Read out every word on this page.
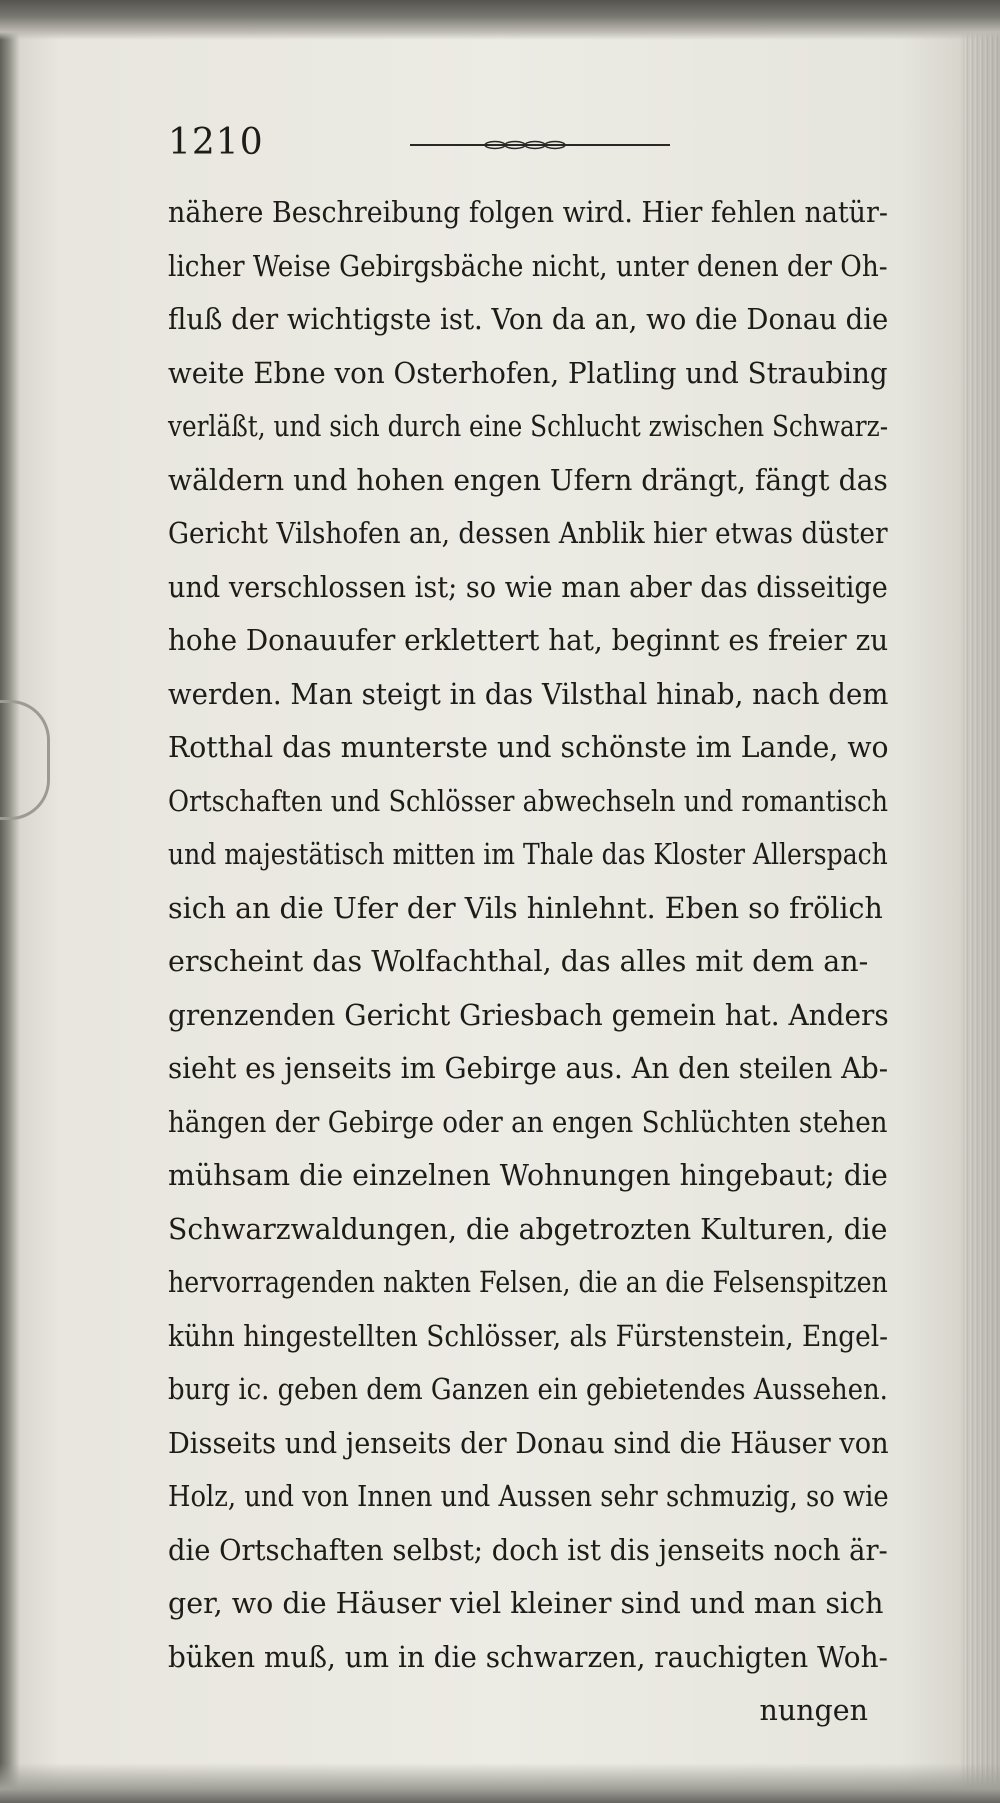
1210
nähere Beschreibung folgen wird. Hier fehlen natür-
licher Weise Gebirgsbäche nicht, unter denen der Oh-
fluß der wichtigste ist. Von da an, wo die Donau die
weite Ebne von Osterhofen, Platling und Straubing
verläßt, und sich durch eine Schlucht zwischen Schwarz-
wäldern und hohen engen Ufern drängt, fängt das
Gericht Vilshofen an, dessen Anblik hier etwas düster
und verschlossen ist; so wie man aber das disseitige
hohe Donauufer erklettert hat, beginnt es freier zu
werden. Man steigt in das Vilsthal hinab, nach dem
Rotthal das munterste und schönste im Lande, wo
Ortschaften und Schlösser abwechseln und romantisch
und majestätisch mitten im Thale das Kloster Allerspach
sich an die Ufer der Vils hinlehnt. Eben so frölich
erscheint das Wolfachthal, das alles mit dem an-
grenzenden Gericht Griesbach gemein hat. Anders
sieht es jenseits im Gebirge aus. An den steilen Ab-
hängen der Gebirge oder an engen Schlüchten stehen
mühsam die einzelnen Wohnungen hingebaut; die
Schwarzwaldungen, die abgetrozten Kulturen, die
hervorragenden nakten Felsen, die an die Felsenspitzen
kühn hingestellten Schlösser, als Fürstenstein, Engel-
burg ic. geben dem Ganzen ein gebietendes Aussehen.
Disseits und jenseits der Donau sind die Häuser von
Holz, und von Innen und Aussen sehr schmuzig, so wie
die Ortschaften selbst; doch ist dis jenseits noch är-
ger, wo die Häuser viel kleiner sind und man sich
büken muß, um in die schwarzen, rauchigten Woh-
nungen
